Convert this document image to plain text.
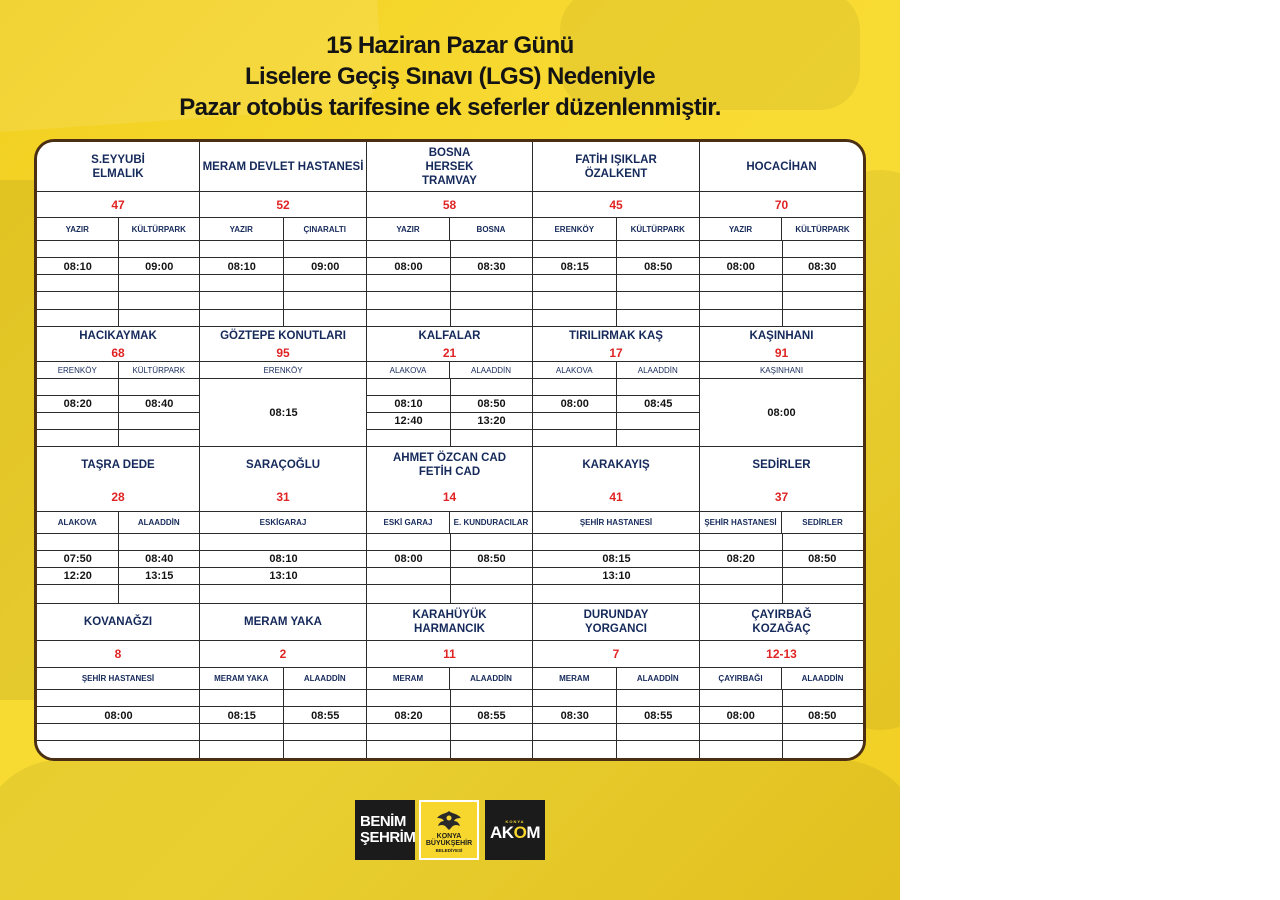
15 Haziran Pazar Günü
Liselere Geçiş Sınavı (LGS) Nedeniyle
Pazar otobüs tarifesine ek seferler düzenlenmiştir.
S.EYYUBİ
ELMALIK
47
YAZIR	KÜLTÜRPARK
08:10	09:00
MERAM DEVLET HASTANESİ
52
YAZIR	ÇINARALTI
08:10	09:00
BOSNA
HERSEK
TRAMVAY
58
YAZIR	BOSNA
08:00	08:30
FATİH IŞIKLAR
ÖZALKENT
45
ERENKÖY	KÜLTÜRPARK
08:15	08:50
HOCACİHAN
70
YAZIR	KÜLTÜRPARK
08:00	08:30
HACIKAYMAK
68
ERENKÖY	KÜLTÜRPARK
08:20	08:40
GÖZTEPE KONUTLARI
95
ERENKÖY
08:15
KALFALAR
21
ALAKOVA	ALAADDİN
08:10	08:50
12:40	13:20
TIRILIRMAK KAŞ
17
ALAKOVA	ALAADDİN
08:00	08:45
KAŞINHANI
91
KAŞINHANI
08:00
TAŞRA DEDE
28
ALAKOVA	ALAADDİN
07:50	08:40
12:20	13:15
SARAÇOĞLU
31
ESKİGARAJ
08:10
13:10
AHMET ÖZCAN CAD
FETİH CAD
14
ESKİ GARAJ	E. KUNDURACILAR
08:00	08:50
KARAKAYIŞ
41
ŞEHİR HASTANESİ
08:15
13:10
SEDİRLER
37
ŞEHİR HASTANESİ	SEDİRLER
08:20	08:50
KOVANAĞZI
8
ŞEHİR HASTANESİ
08:00
MERAM YAKA
2
MERAM YAKA	ALAADDİN
08:15	08:55
KARAHÜYÜK
HARMANCIK
11
MERAM	ALAADDİN
08:20	08:55
DURUNDAY
YORGANCI
7
MERAM	ALAADDİN
08:30	08:55
ÇAYIRBAĞ
KOZAĞAÇ
12-13
ÇAYIRBAĞI	ALAADDİN
08:00	08:50
BENİM
ŞEHRİM	KONYA
BÜYÜKŞEHİR
BELEDİYESİ
KONYA
AKOM
